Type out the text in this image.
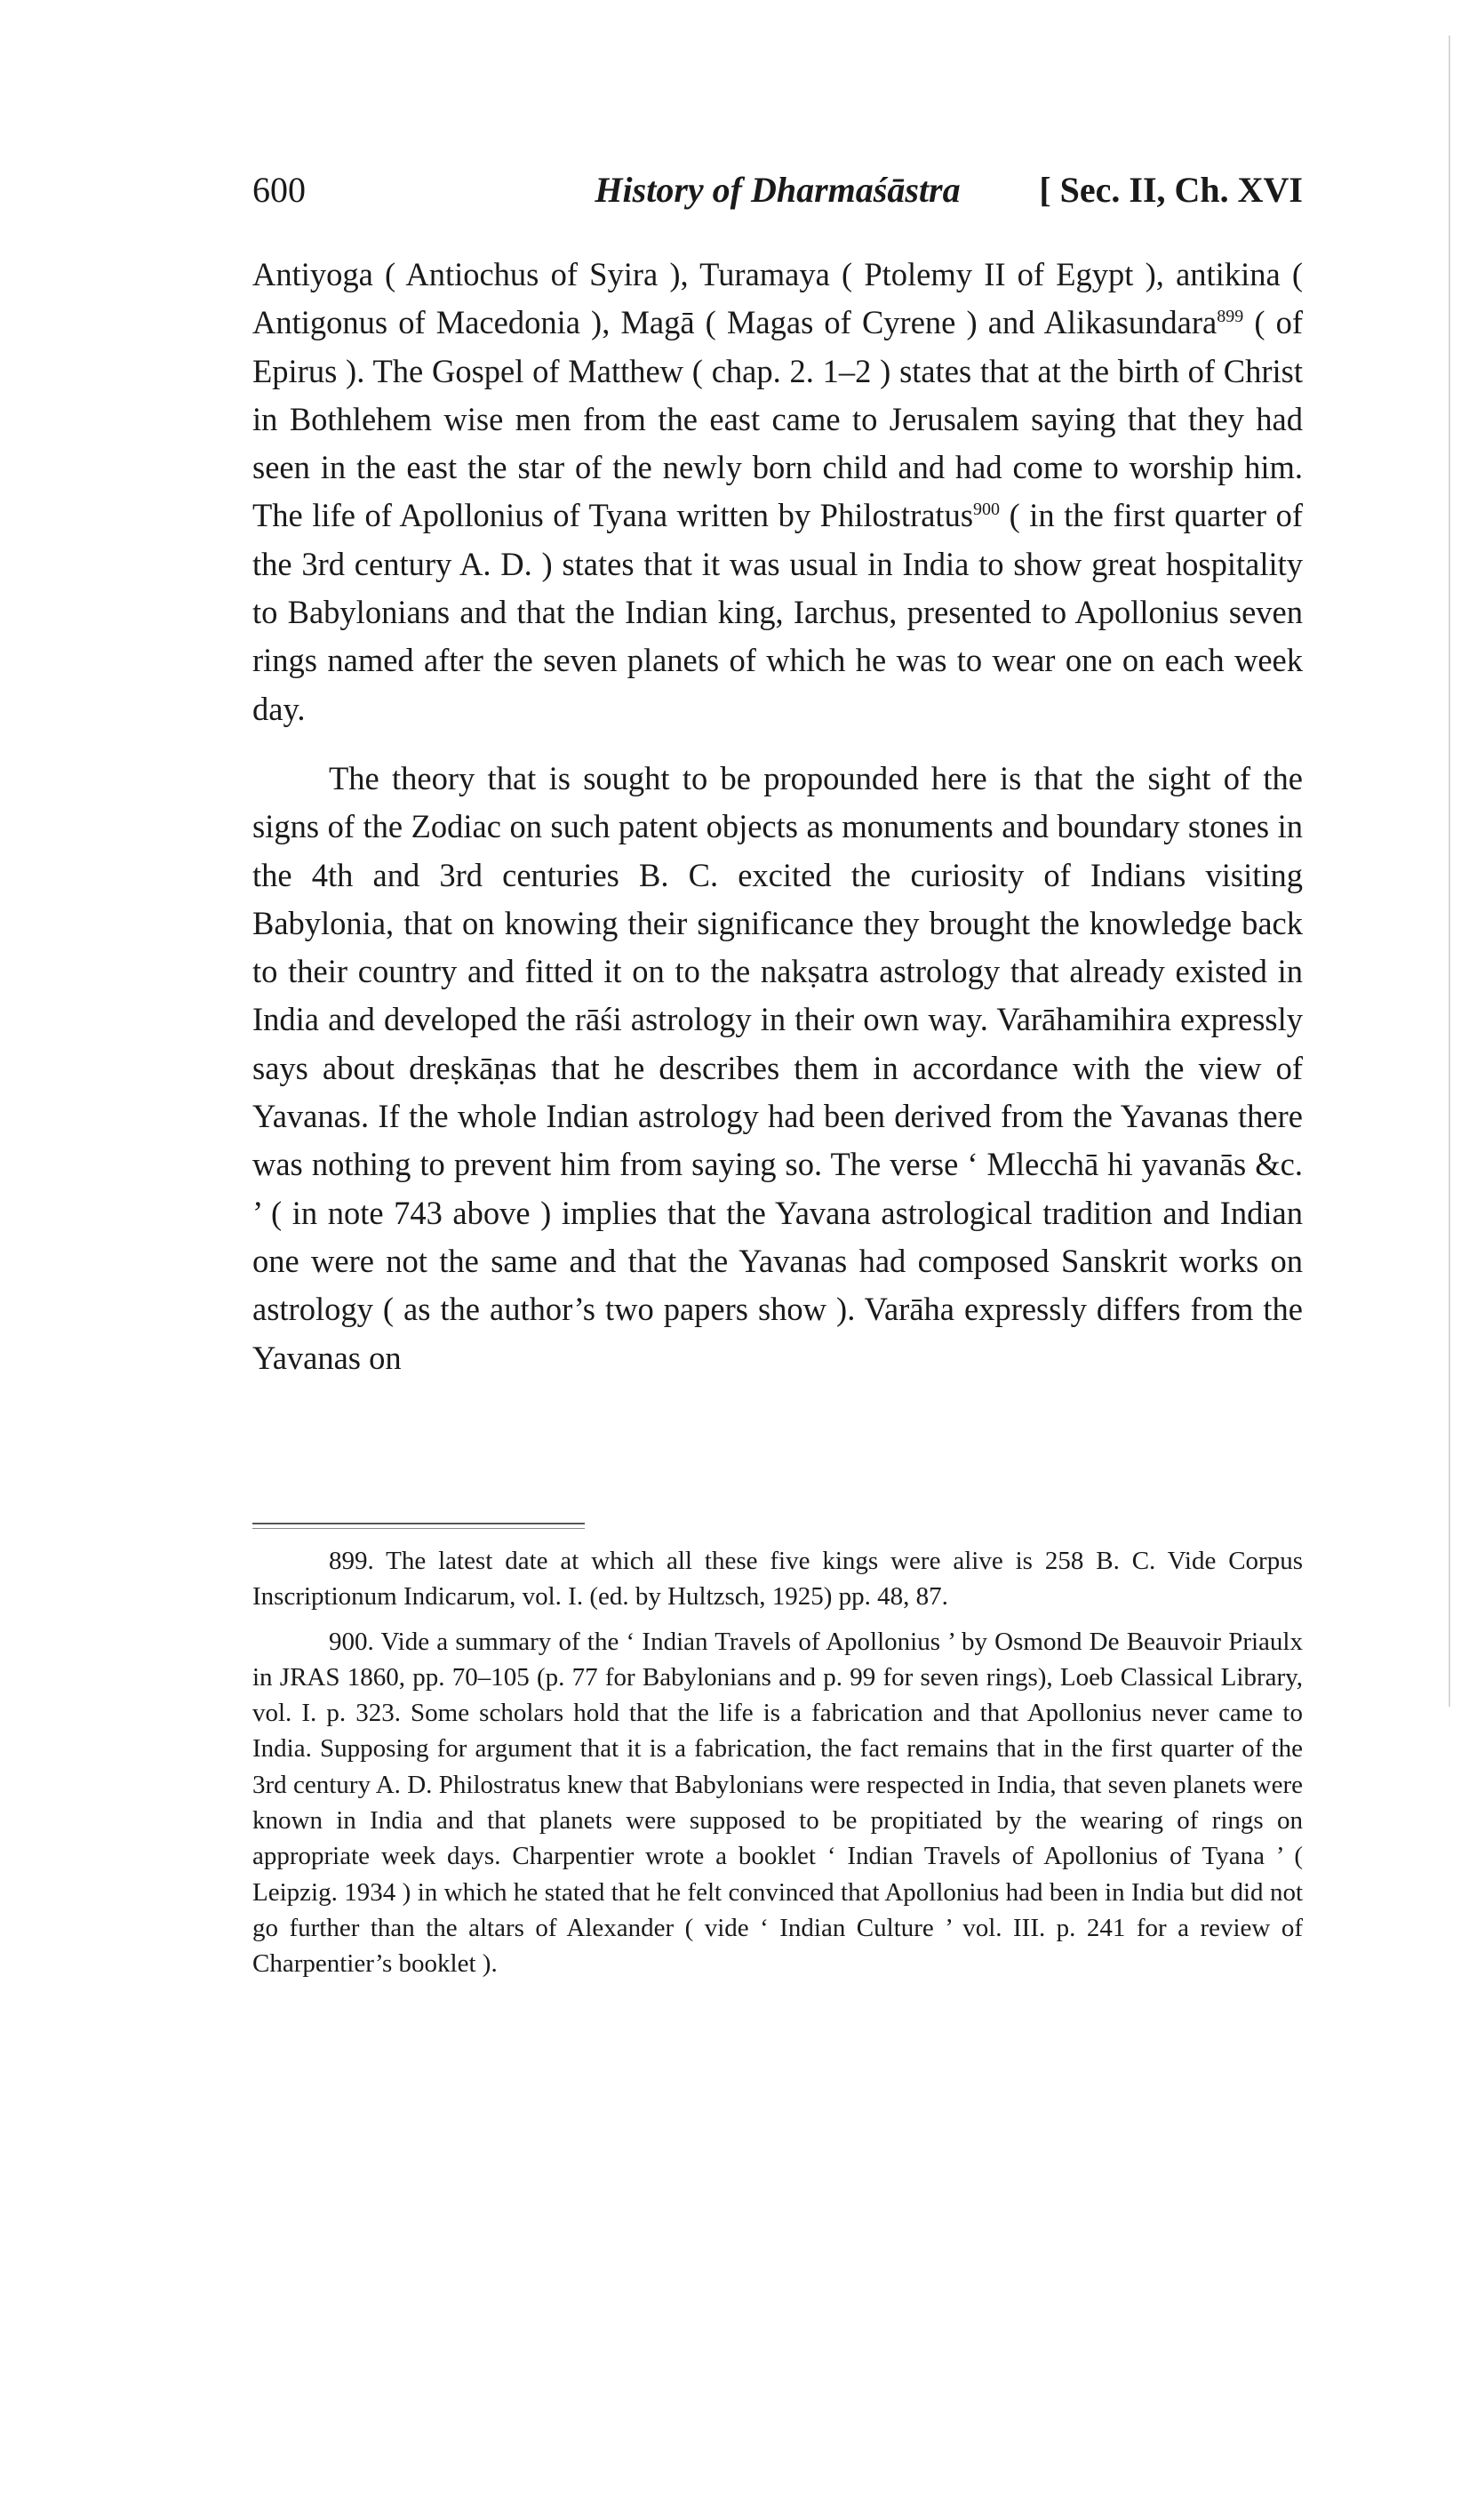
600	History of Dharmaśāstra	[ Sec. II, Ch. XVI

Antiyoga ( Antiochus of Syira ), Turamaya ( Ptolemy II of Egypt ), antikina ( Antigonus of Macedonia ), Magā ( Magas of Cyrene ) and Alikasundara$^{899}$ ( of Epirus ). The Gospel of Matthew ( chap. 2. 1–2 ) states that at the birth of Christ in Bothlehem wise men from the east came to Jerusalem saying that they had seen in the east the star of the newly born child and had come to worship him. The life of Apollonius of Tyana written by Philostratus$^{900}$ ( in the first quarter of the 3rd century A. D. ) states that it was usual in India to show great hospitality to Babylonians and that the Indian king, Iarchus, presented to Apollonius seven rings named after the seven planets of which he was to wear one on each week day.

The theory that is sought to be propounded here is that the sight of the signs of the Zodiac on such patent objects as monuments and boundary stones in the 4th and 3rd centuries B. C. excited the curiosity of Indians visiting Babylonia, that on knowing their significance they brought the knowledge back to their country and fitted it on to the nakṣatra astrology that already existed in India and developed the rāśi astrology in their own way. Varāhamihira expressly says about dreṣkāṇas that he describes them in accordance with the view of Yavanas. If the whole Indian astrology had been derived from the Yavanas there was nothing to prevent him from saying so. The verse ‘ Mlecchā hi yavanās &c. ’ ( in note 743 above ) implies that the Yavana astrological tradition and Indian one were not the same and that the Yavanas had composed Sanskrit works on astrology ( as the author’s two papers show ). Varāha expressly differs from the Yavanas on

899. The latest date at which all these five kings were alive is 258 B. C. Vide Corpus Inscriptionum Indicarum, vol. I. (ed. by Hultzsch, 1925) pp. 48, 87.

900. Vide a summary of the ‘ Indian Travels of Apollonius ’ by Osmond De Beauvoir Priaulx in JRAS 1860, pp. 70–105 (p. 77 for Babylonians and p. 99 for seven rings), Loeb Classical Library, vol. I. p. 323. Some scholars hold that the life is a fabrication and that Apollonius never came to India. Supposing for argument that it is a fabrication, the fact remains that in the first quarter of the 3rd century A. D. Philostratus knew that Babylonians were respected in India, that seven planets were known in India and that planets were supposed to be propitiated by the wearing of rings on appropriate week days. Charpentier wrote a booklet ‘ Indian Travels of Apollonius of Tyana ’ ( Leipzig. 1934 ) in which he stated that he felt convinced that Apollonius had been in India but did not go further than the altars of Alexander ( vide ‘ Indian Culture ’ vol. III. p. 241 for a review of Charpentier’s booklet ).
